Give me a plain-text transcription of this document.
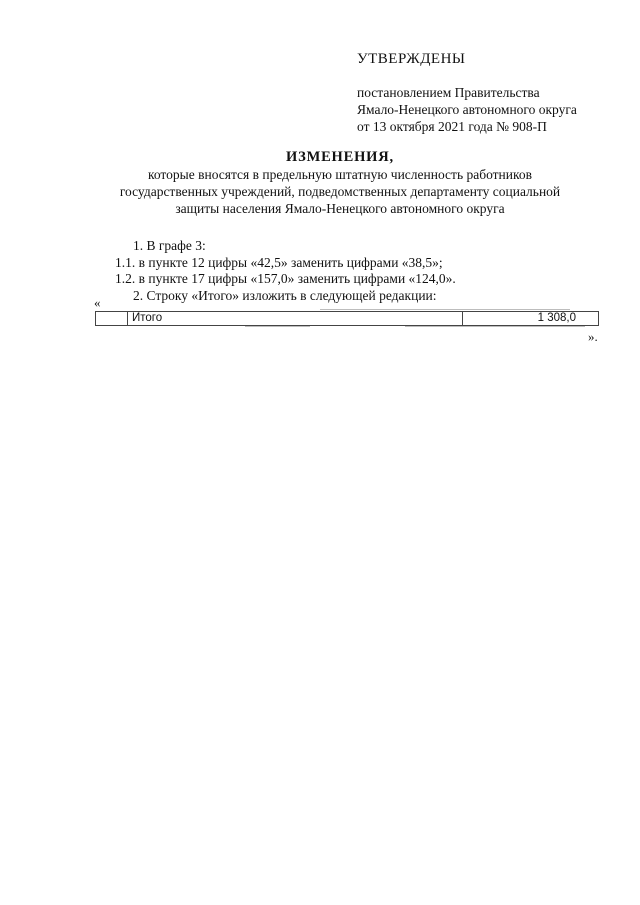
УТВЕРЖДЕНЫ
постановлением Правительства
Ямало-Ненецкого автономного округа
от 13 октября 2021 года № 908-П
ИЗМЕНЕНИЯ,
которые вносятся в предельную штатную численность работников
государственных учреждений, подведомственных департаменту социальной
защиты населения Ямало-Ненецкого автономного округа
1. В графе 3:
1.1. в пункте 12 цифры «42,5» заменить цифрами «38,5»;
1.2. в пункте 17 цифры «157,0» заменить цифрами «124,0».
2. Строку «Итого» изложить в следующей редакции:
«
Итого	1 308,0
».
